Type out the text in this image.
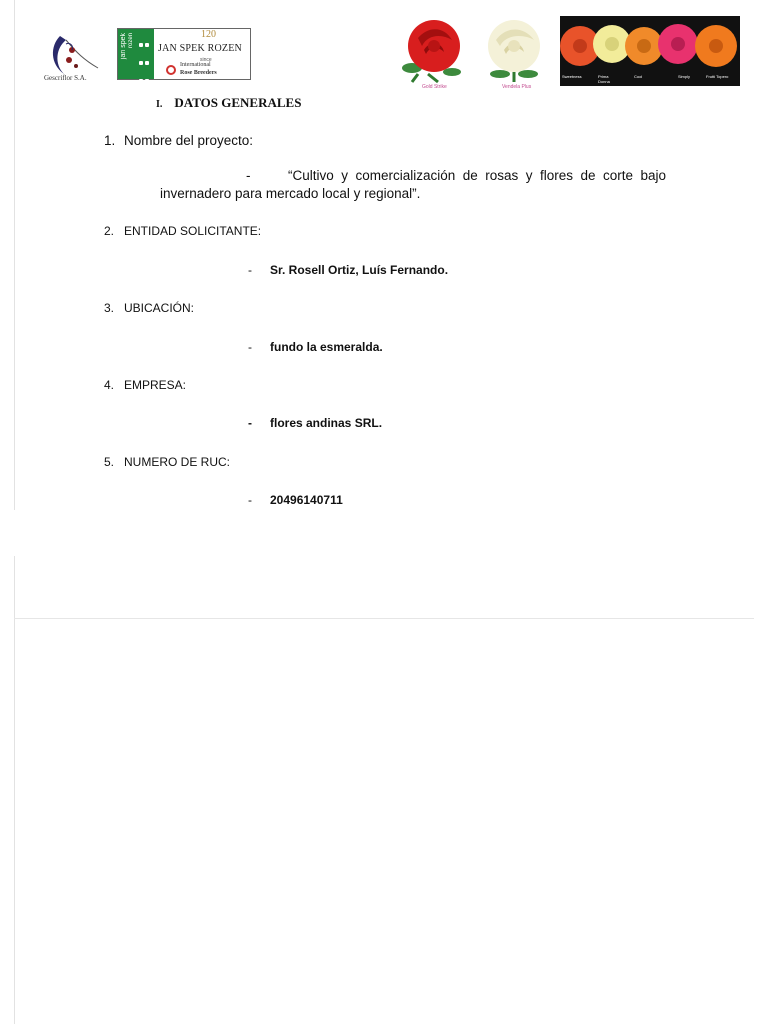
Gescriflor S.A.
jan spek rozen	120
JAN SPEK ROZEN
since
International
Rose Breeders
Gold Strike	Vendela Plus
Sweetness	Prima
Donna
Cool	Simply	Frutti Topero
I. DATOS GENERALES
1. Nombre del proyecto:
-	“Cultivo y comercialización de rosas y flores de corte bajo invernadero para mercado local y regional”.
2. ENTIDAD SOLICITANTE:
- Sr. Rosell Ortiz, Luís Fernando.
3. UBICACIÓN:
- fundo la esmeralda.
4. EMPRESA:
- flores andinas SRL.
5. NUMERO DE RUC:
- 20496140711
